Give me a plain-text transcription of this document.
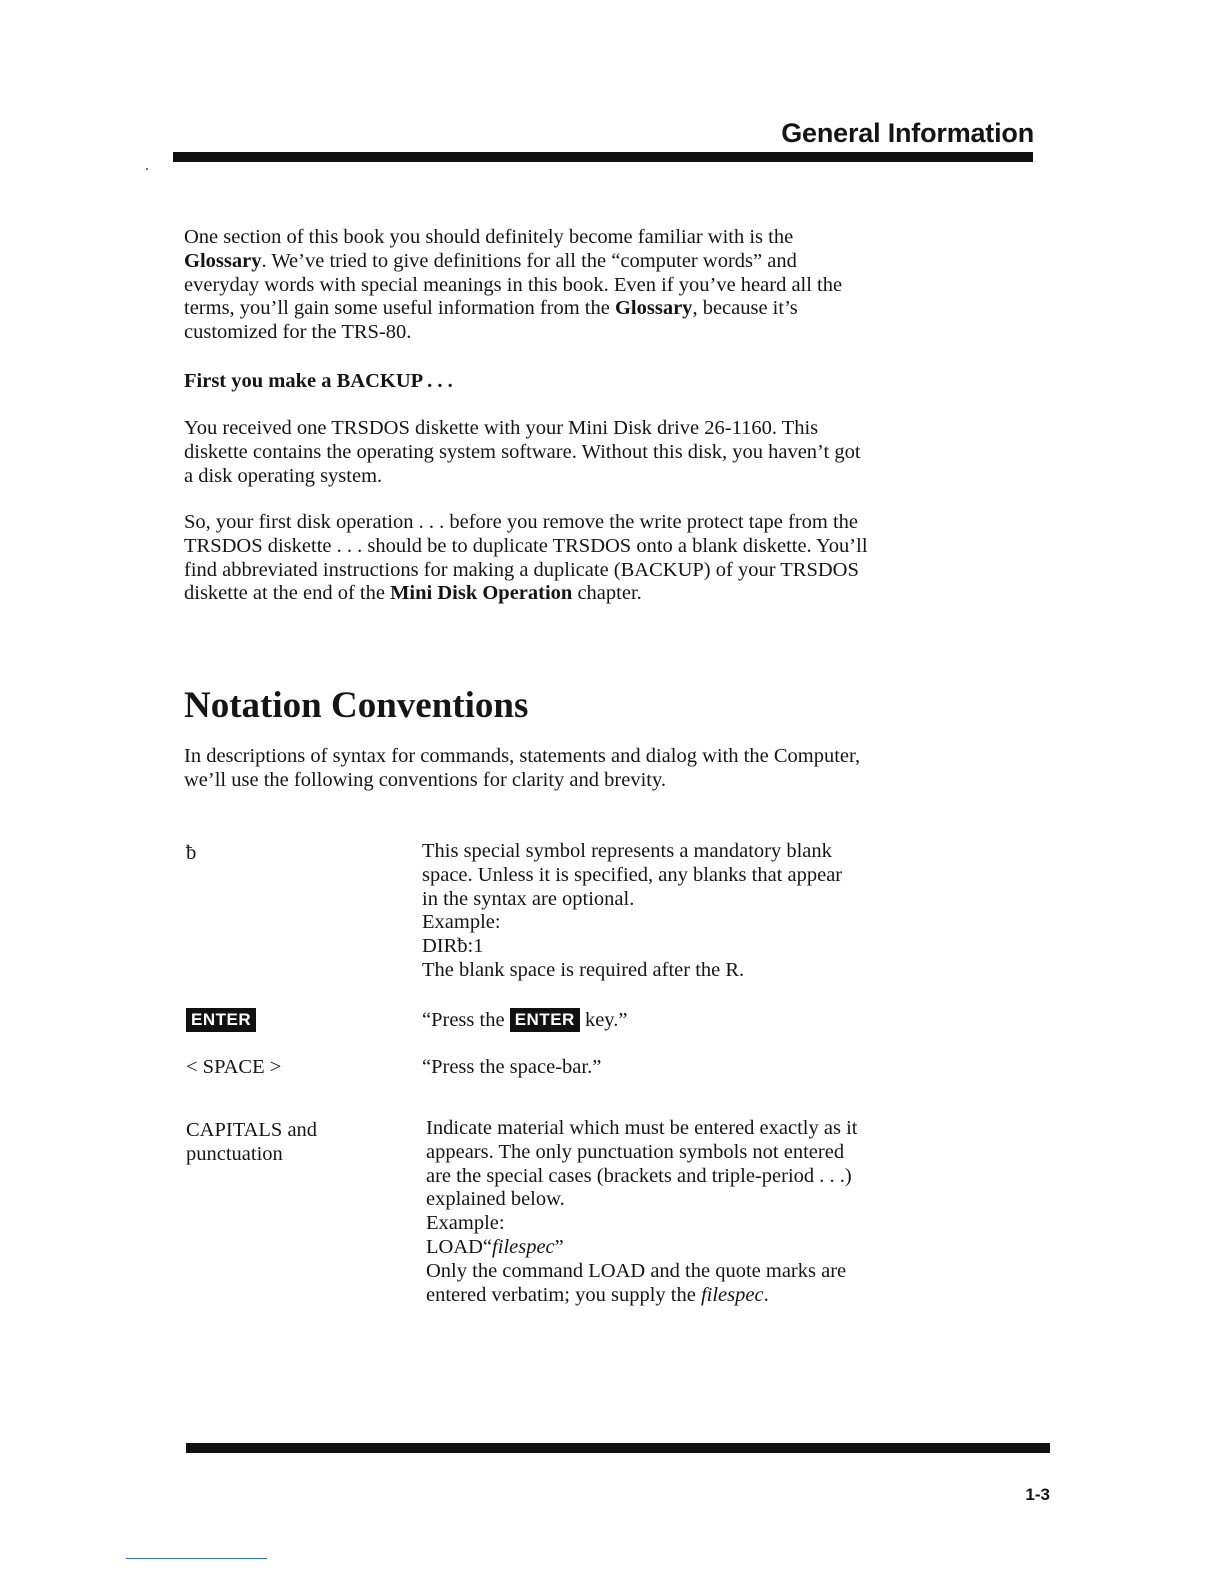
General Information
One section of this book you should definitely become familiar with is the Glossary. We’ve tried to give definitions for all the “computer words” and everyday words with special meanings in this book. Even if you’ve heard all the terms, you’ll gain some useful information from the Glossary, because it’s customized for the TRS-80.
First you make a BACKUP . . .
You received one TRSDOS diskette with your Mini Disk drive 26-1160. This diskette contains the operating system software. Without this disk, you haven’t got a disk operating system.
So, your first disk operation . . . before you remove the write protect tape from the TRSDOS diskette . . . should be to duplicate TRSDOS onto a blank diskette. You’ll find abbreviated instructions for making a duplicate (BACKUP) of your TRSDOS diskette at the end of the Mini Disk Operation chapter.
Notation Conventions
In descriptions of syntax for commands, statements and dialog with the Computer, we’ll use the following conventions for clarity and brevity.
ƀ	This special symbol represents a mandatory blank space. Unless it is specified, any blanks that appear in the syntax are optional.
Example:
DIRƀ:1
The blank space is required after the R.
ENTER	“Press the ENTER key.”
< SPACE >	“Press the space-bar.”
CAPITALS and
punctuation
Indicate material which must be entered exactly as it appears. The only punctuation symbols not entered are the special cases (brackets and triple-period . . .) explained below.
Example:
LOAD“filespec”
Only the command LOAD and the quote marks are entered verbatim; you supply the filespec.
1-3
